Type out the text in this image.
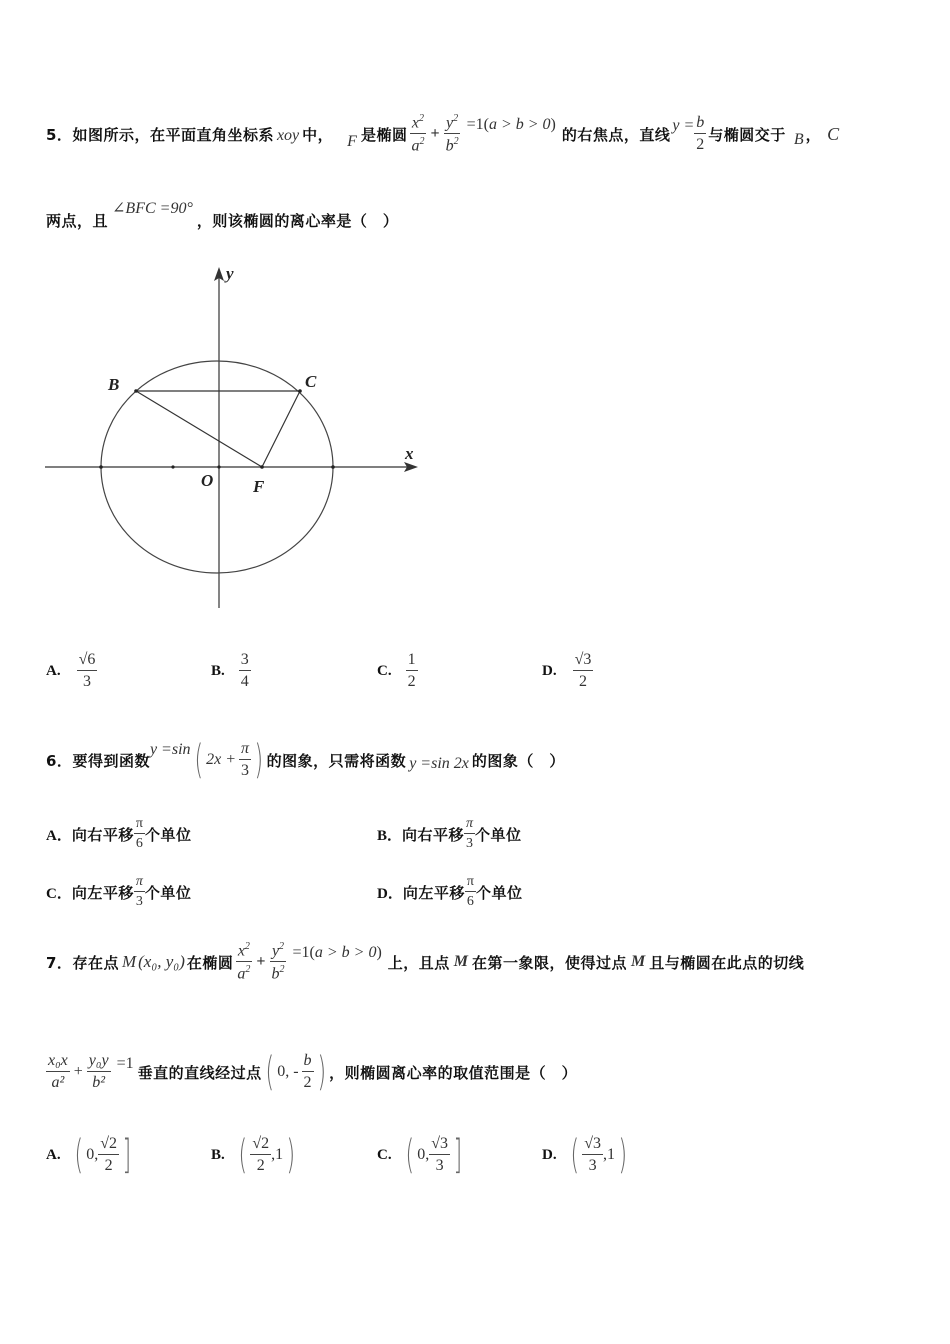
5． 如图所示，在平面直角坐标系 xoy 中， F 是椭圆 $\frac{x^2}{a^2} + \frac{y^2}{b^2} =1(a > b > 0)$
的右焦点，直线 $y = \frac{b}{2}$ 与椭圆交于 B ， C
两点，且
∠BFC =90°
，则该椭圆的离心率是（　）
y
x
O F
B	C
A. $\frac{√6}{3}$	B. $\frac{3}{4}$	C. $\frac{1}{2}$	D. $\frac{√3}{2}$
6． 要得到函数
y =sin ( $2x + \frac{\pi}{3}$ ) 的图象，只需将函数 y =sin 2x 的图象（　）
A． 向右平移 $\frac{\pi}{6}$ 个单位	B． 向右平移 $\frac{\pi}{3}$ 个单位
C． 向左平移 $\frac{\pi}{3}$ 个单位	D． 向左平移 $\frac{\pi}{6}$ 个单位
7． 存在点 M (x₀, y₀) 在椭圆 $\frac{x^2}{a^2} + \frac{y^2}{b^2} =1(a > b > 0)$
上，且点 M 在第一象限，使得过点 M 且与椭圆在此点的切线
$\frac{\text{x₀x}}{\text{a²}} + \frac{\text{y₀y}}{\text{b²}} =1$ 垂直的直线经过点 ( 0, - $\frac{b}{2}$ ) ，则椭圆离心率的取值范围是（　）
A. ( 0, $\frac{√2}{2}$ ]	B. ( $\frac{√2}{2} ,1$ )	C. ( 0, $\frac{√3}{3}$ ]	D. ( $\frac{√3}{3} ,1$ )
